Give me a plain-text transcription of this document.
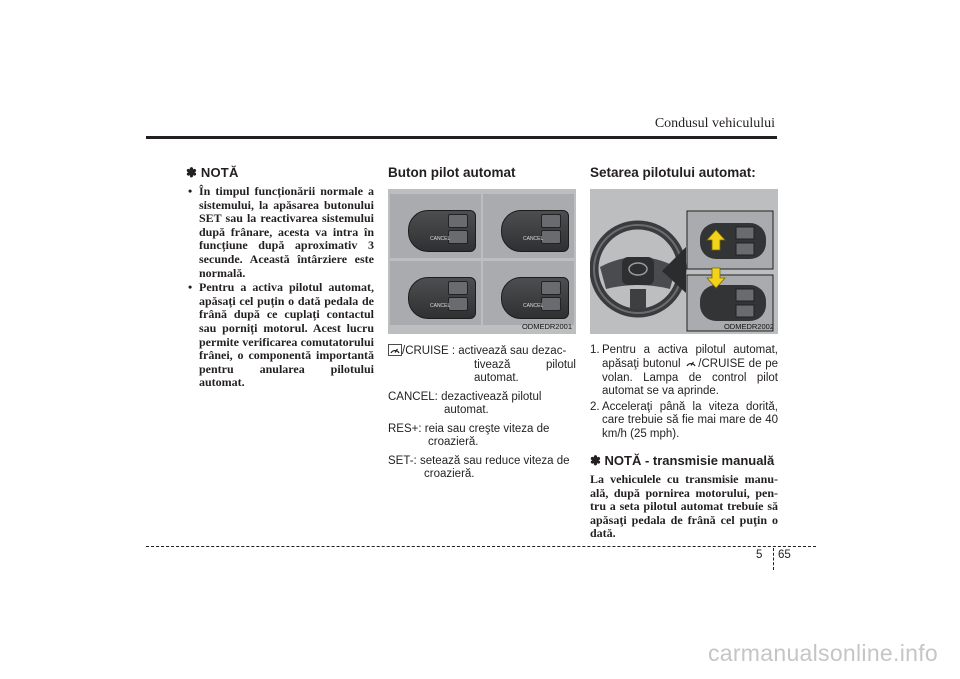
Condusul vehiculului
✽ NOTĂ
• În timpul funcționării normale a sistemului, la apăsarea butonului SET sau la reactivarea sistemului după frânare, acesta va intra în funcțiune după aproximativ 3 secunde. Această întârziere este normală.
• Pentru a activa pilotul automat, apăsați cel puțin o dată pedala de frână după ce cuplați contactul sau porniți motorul. Acest lucru permite verificarea comutatorului frânei, o componentă importantă pentru anularea pilotului automat.
Buton pilot automat
CANCEL	CANCEL
CANCEL	CANCEL
ODMEDR2001
/CRUISE : activează sau dezac-
tivează pilotul automat.
CANCEL: dezactivează pilotul
automat.
RES+: reia sau creşte viteza de
croazieră.
SET-: setează sau reduce viteza de
croazieră.
Setarea pilotului automat:
ODMEDR2002
1. Pentru a activa pilotul automat, apăsaţi butonul /CRUISE de pe volan. Lampa de control pilot automat se va aprinde.
2. Acceleraţi până la viteza dorită, care trebuie să fie mai mare de 40 km/h (25 mph).
✽ NOTĂ - transmisie manuală
La vehiculele cu transmisie manu-ală, după pornirea motorului, pen-tru a seta pilotul automat trebuie să apăsaţi pedala de frână cel puţin o dată.
5 65
carmanualsonline.info
